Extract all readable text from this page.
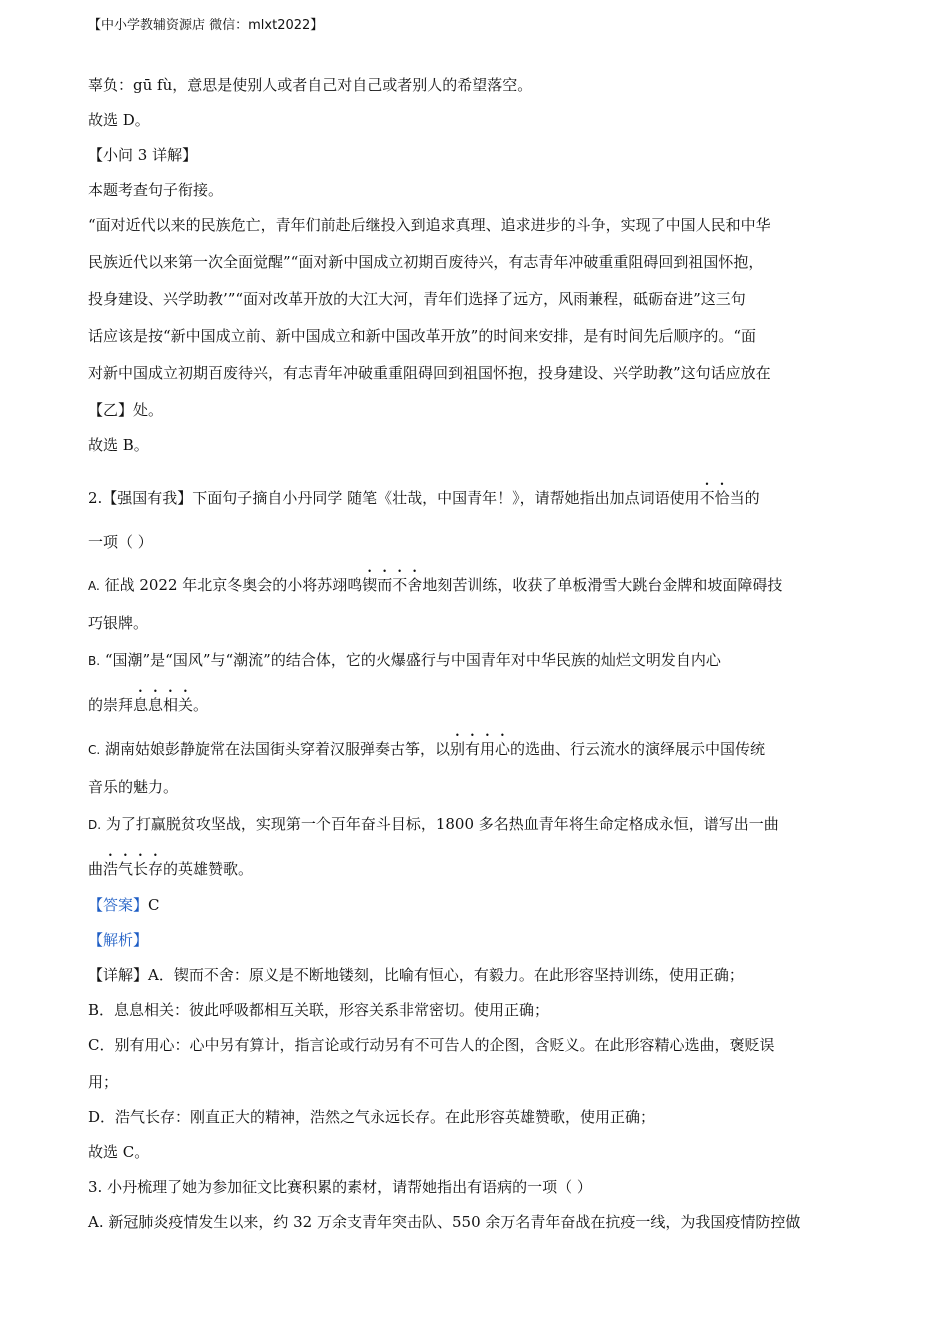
【中小学教辅资源店 微信：mlxt2022】
辜负：gū fù，意思是使别人或者自己对自己或者别人的希望落空。
故选 D。
【小问 3 详解】
本题考查句子衔接。
“面对近代以来的民族危亡，青年们前赴后继投入到追求真理、追求进步的斗争，实现了中国人民和中华
民族近代以来第一次全面觉醒”“面对新中国成立初期百废待兴，有志青年冲破重重阻碍回到祖国怀抱，
投身建设、兴学助教’”“面对改革开放的大江大河，青年们选择了远方，风雨兼程，砥砺奋进”这三句
话应该是按“新中国成立前、新中国成立和新中国改革开放”的时间来安排，是有时间先后顺序的。“面
对新中国成立初期百废待兴，有志青年冲破重重阻碍回到祖国怀抱，投身建设、兴学助教”这句话应放在
【乙】处。
故选 B。
2.【强国有我】下面句子摘自小丹同学 随笔《壮哉，中国青年！》，请帮她指出加点词语使用不恰当的
一项（ ）
A. 征战 2022 年北京冬奥会的小将苏翊鸣锲而不舍地刻苦训练，收获了单板滑雪大跳台金牌和坡面障碍技
巧银牌。
B. “国潮”是“国风”与“潮流”的结合体，它的火爆盛行与中国青年对中华民族的灿烂文明发自内心
的崇拜息息相关。
C. 湖南姑娘彭静旋常在法国街头穿着汉服弹奏古筝，以别有用心的选曲、行云流水的演绎展示中国传统
音乐的魅力。
D. 为了打赢脱贫攻坚战，实现第一个百年奋斗目标，1800 多名热血青年将生命定格成永恒，谱写出一曲
曲浩气长存的英雄赞歌。
【答案】C
【解析】
【详解】A．锲而不舍：原义是不断地镂刻，比喻有恒心，有毅力。在此形容坚持训练，使用正确；
B．息息相关：彼此呼吸都相互关联，形容关系非常密切。使用正确；
C．别有用心：心中另有算计，指言论或行动另有不可告人的企图，含贬义。在此形容精心选曲，褒贬误
用；
D．浩气长存：刚直正大的精神，浩然之气永远长存。在此形容英雄赞歌，使用正确；
故选 C。
3. 小丹梳理了她为参加征文比赛积累的素材，请帮她指出有语病的一项（ ）
A. 新冠肺炎疫情发生以来，约 32 万余支青年突击队、550 余万名青年奋战在抗疫一线，为我国疫情防控做
